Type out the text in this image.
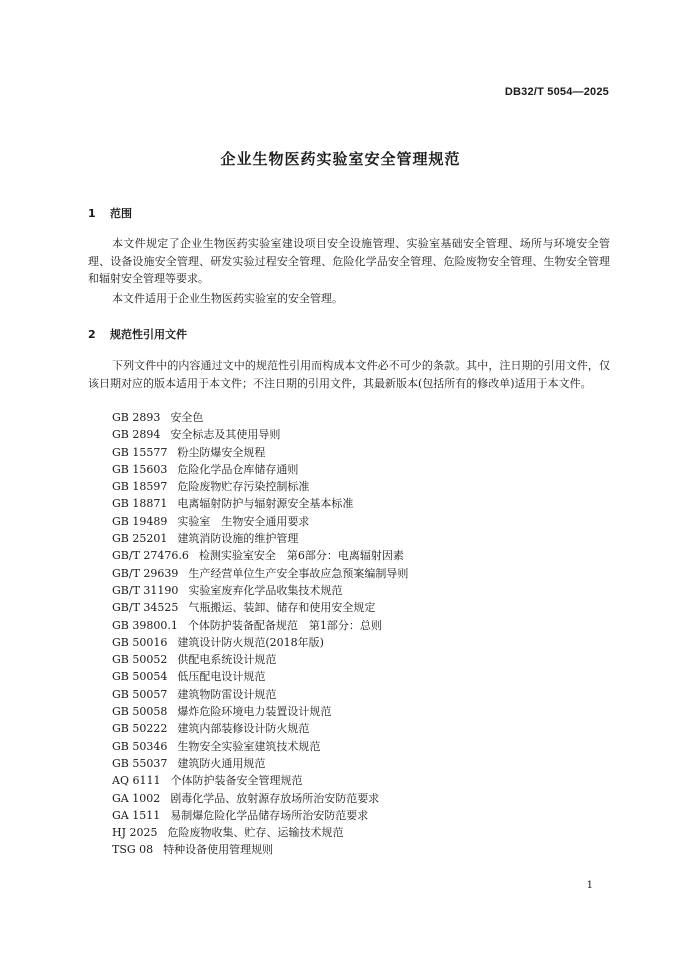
DB32/T 5054—2025
企业生物医药实验室安全管理规范
1 范围
本文件规定了企业生物医药实验室建设项目安全设施管理、实验室基础安全管理、场所与环境安全管理、设备设施安全管理、研发实验过程安全管理、危险化学品安全管理、危险废物安全管理、生物安全管理和辐射安全管理等要求。
本文件适用于企业生物医药实验室的安全管理。
2 规范性引用文件
下列文件中的内容通过文中的规范性引用而构成本文件必不可少的条款。其中，注日期的引用文件，仅该日期对应的版本适用于本文件；不注日期的引用文件，其最新版本(包括所有的修改单)适用于本文件。
GB 2893 安全色
GB 2894 安全标志及其使用导则
GB 15577 粉尘防爆安全规程
GB 15603 危险化学品仓库储存通则
GB 18597 危险废物贮存污染控制标准
GB 18871 电离辐射防护与辐射源安全基本标准
GB 19489 实验室　生物安全通用要求
GB 25201 建筑消防设施的维护管理
GB/T 27476.6 检测实验室安全　第6部分：电离辐射因素
GB/T 29639 生产经营单位生产安全事故应急预案编制导则
GB/T 31190 实验室废弃化学品收集技术规范
GB/T 34525 气瓶搬运、装卸、储存和使用安全规定
GB 39800.1 个体防护装备配备规范　第1部分：总则
GB 50016 建筑设计防火规范(2018年版)
GB 50052 供配电系统设计规范
GB 50054 低压配电设计规范
GB 50057 建筑物防雷设计规范
GB 50058 爆炸危险环境电力装置设计规范
GB 50222 建筑内部装修设计防火规范
GB 50346 生物安全实验室建筑技术规范
GB 55037 建筑防火通用规范
AQ 6111 个体防护装备安全管理规范
GA 1002 剧毒化学品、放射源存放场所治安防范要求
GA 1511 易制爆危险化学品储存场所治安防范要求
HJ 2025 危险废物收集、贮存、运输技术规范
TSG 08 特种设备使用管理规则
1
